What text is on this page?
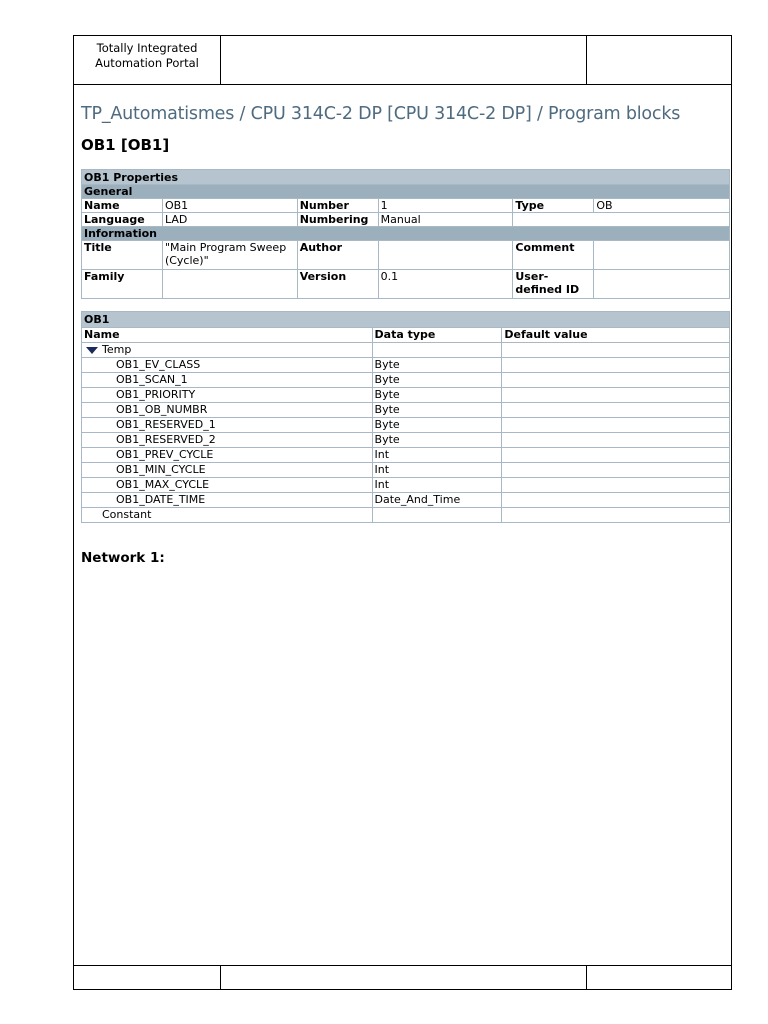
Totally Integrated Automation Portal
TP_Automatismes / CPU 314C-2 DP [CPU 314C-2 DP] / Program blocks
OB1 [OB1]
OB1 Properties					
General					
Name	OB1	Number	1	Type	OB
Language	LAD	Numbering	Manual		
Information					
Title	"Main Program Sweep (Cycle)"	Author		Comment	
Family		Version	0.1	User-defined ID	
OB1		
Name	Data type	Default value
Temp		
OB1_EV_CLASS	Byte	
OB1_SCAN_1	Byte	
OB1_PRIORITY	Byte	
OB1_OB_NUMBR	Byte	
OB1_RESERVED_1	Byte	
OB1_RESERVED_2	Byte	
OB1_PREV_CYCLE	Int	
OB1_MIN_CYCLE	Int	
OB1_MAX_CYCLE	Int	
OB1_DATE_TIME	Date_And_Time	
Constant		
Network 1:
